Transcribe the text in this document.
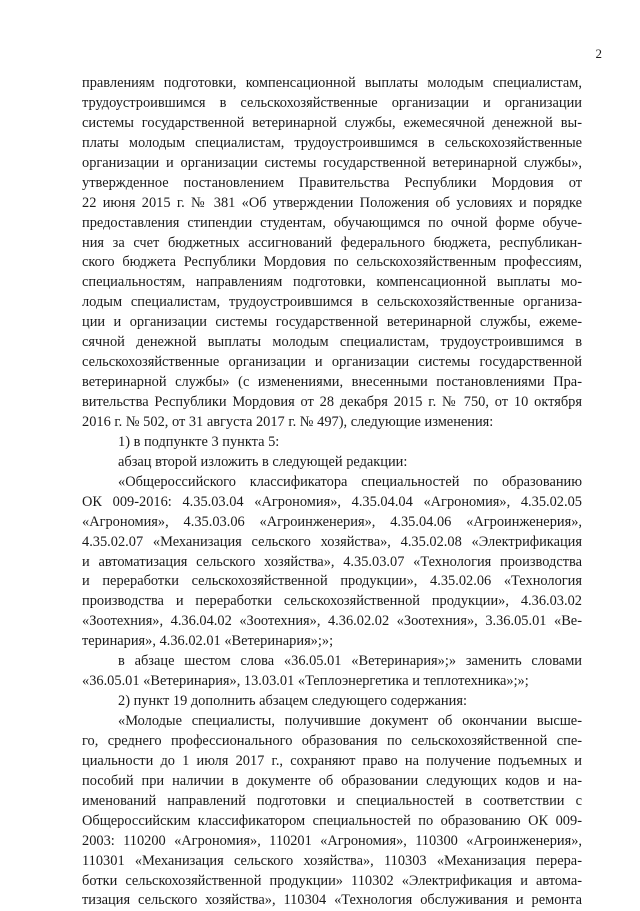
2
правлениям подготовки, компенсационной выплаты молодым специалистам,
трудоустроившимся в сельскохозяйственные организации и организации
системы государственной ветеринарной службы, ежемесячной денежной вы-
платы молодым специалистам, трудоустроившимся в сельскохозяйственные
организации и организации системы государственной ветеринарной службы»,
утвержденное постановлением Правительства Республики Мордовия от
22 июня 2015 г. № 381 «Об утверждении Положения об условиях и порядке
предоставления стипендии студентам, обучающимся по очной форме обуче-
ния за счет бюджетных ассигнований федерального бюджета, республикан-
ского бюджета Республики Мордовия по сельскохозяйственным профессиям,
специальностям, направлениям подготовки, компенсационной выплаты мо-
лодым специалистам, трудоустроившимся в сельскохозяйственные организа-
ции и организации системы государственной ветеринарной службы, ежеме-
сячной денежной выплаты молодым специалистам, трудоустроившимся в
сельскохозяйственные организации и организации системы государственной
ветеринарной службы» (с изменениями, внесенными постановлениями Пра-
вительства Республики Мордовия от 28 декабря 2015 г. № 750, от 10 октября
2016 г. № 502, от 31 августа 2017 г. № 497), следующие изменения:
1) в подпункте 3 пункта 5:
абзац второй изложить в следующей редакции:
«Общероссийского классификатора специальностей по образованию
ОК 009-2016: 4.35.03.04 «Агрономия», 4.35.04.04 «Агрономия», 4.35.02.05
«Агрономия», 4.35.03.06 «Агроинженерия», 4.35.04.06 «Агроинженерия»,
4.35.02.07 «Механизация сельского хозяйства», 4.35.02.08 «Электрификация
и автоматизация сельского хозяйства», 4.35.03.07 «Технология производства
и переработки сельскохозяйственной продукции», 4.35.02.06 «Технология
производства и переработки сельскохозяйственной продукции», 4.36.03.02
«Зоотехния», 4.36.04.02 «Зоотехния», 4.36.02.02 «Зоотехния», 3.36.05.01 «Ве-
теринария», 4.36.02.01 «Ветеринария»;»;
в абзаце шестом слова «36.05.01 «Ветеринария»;» заменить словами
«36.05.01 «Ветеринария», 13.03.01 «Теплоэнергетика и теплотехника»;»;
2) пункт 19 дополнить абзацем следующего содержания:
«Молодые специалисты, получившие документ об окончании высше-
го, среднего профессионального образования по сельскохозяйственной спе-
циальности до 1 июля 2017 г., сохраняют право на получение подъемных и
пособий при наличии в документе об образовании следующих кодов и на-
именований направлений подготовки и специальностей в соответствии с
Общероссийским классификатором специальностей по образованию ОК 009-
2003: 110200 «Агрономия», 110201 «Агрономия», 110300 «Агроинженерия»,
110301 «Механизация сельского хозяйства», 110303 «Механизация перера-
ботки сельскохозяйственной продукции» 110302 «Электрификация и автома-
тизация сельского хозяйства», 110304 «Технология обслуживания и ремонта
